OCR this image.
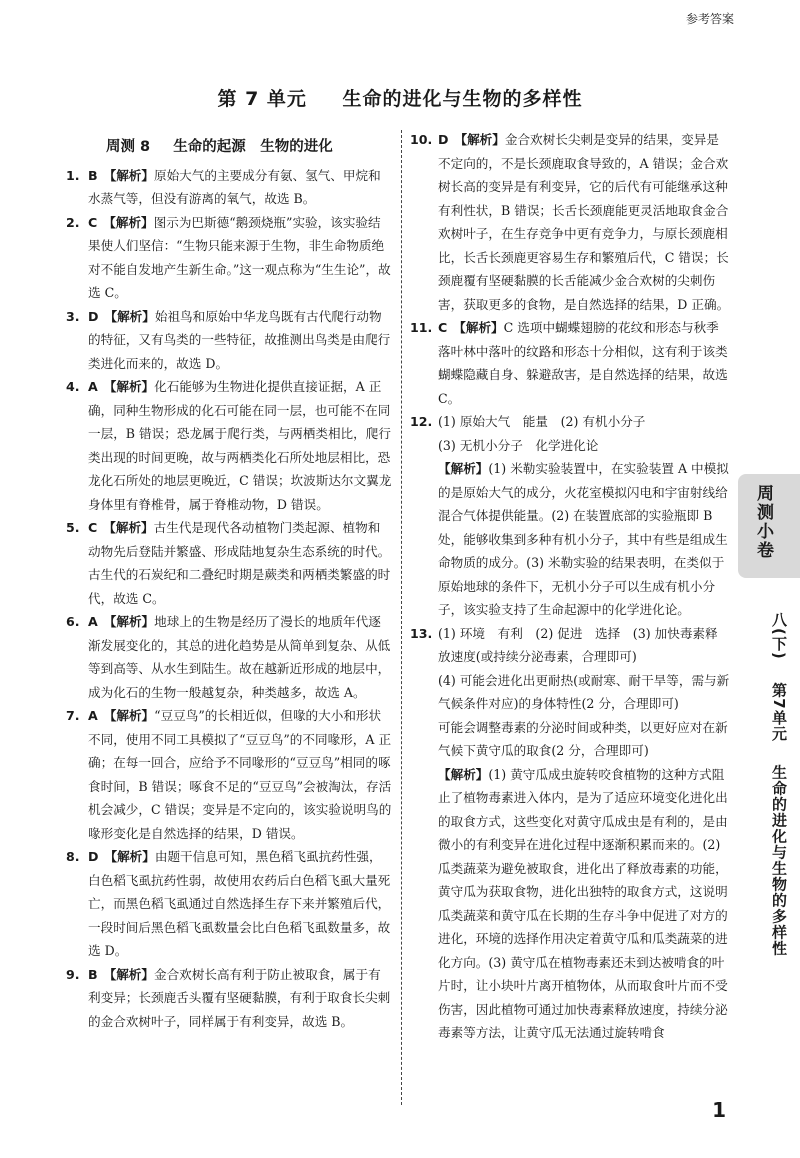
参考答案
第 7 单元 生命的进化与生物的多样性
周测 8 生命的起源　生物的进化
1. B 【解析】原始大气的主要成分有氨、氢气、甲烷和水蒸气等，但没有游离的氧气，故选 B。
2. C 【解析】图示为巴斯德“鹅颈烧瓶”实验，该实验结果使人们坚信：“生物只能来源于生物，非生命物质绝对不能自发地产生新生命。”这一观点称为“生生论”，故选 C。
3. D 【解析】始祖鸟和原始中华龙鸟既有古代爬行动物的特征，又有鸟类的一些特征，故推测出鸟类是由爬行类进化而来的，故选 D。
4. A 【解析】化石能够为生物进化提供直接证据，A 正确，同种生物形成的化石可能在同一层，也可能不在同一层，B 错误；恐龙属于爬行类，与两栖类相比，爬行类出现的时间更晚，故与两栖类化石所处地层相比，恐龙化石所处的地层更晚近，C 错误；坎波斯达尔文翼龙身体里有脊椎骨，属于脊椎动物，D 错误。
5. C 【解析】古生代是现代各动植物门类起源、植物和动物先后登陆并繁盛、形成陆地复杂生态系统的时代。古生代的石炭纪和二叠纪时期是蕨类和两栖类繁盛的时代，故选 C。
6. A 【解析】地球上的生物是经历了漫长的地质年代逐渐发展变化的，其总的进化趋势是从简单到复杂、从低等到高等、从水生到陆生。故在越新近形成的地层中，成为化石的生物一般越复杂，种类越多，故选 A。
7. A 【解析】“豆豆鸟”的长相近似，但喙的大小和形状不同，使用不同工具模拟了“豆豆鸟”的不同喙形，A 正确；在每一回合，应给予不同喙形的“豆豆鸟”相同的啄食时间，B 错误；啄食不足的“豆豆鸟”会被淘汰，存活机会减少，C 错误；变异是不定向的，该实验说明鸟的喙形变化是自然选择的结果，D 错误。
8. D 【解析】由题干信息可知，黑色稻飞虱抗药性强，白色稻飞虱抗药性弱，故使用农药后白色稻飞虱大量死亡，而黑色稻飞虱通过自然选择生存下来并繁殖后代，一段时间后黑色稻飞虱数量会比白色稻飞虱数量多，故选 D。
9. B 【解析】金合欢树长高有利于防止被取食，属于有利变异；长颈鹿舌头覆有坚硬黏膜，有利于取食长尖刺的金合欢树叶子，同样属于有利变异，故选 B。
10. D 【解析】金合欢树长尖刺是变异的结果，变异是不定向的，不是长颈鹿取食导致的，A 错误；金合欢树长高的变异是有利变异，它的后代有可能继承这种有利性状，B 错误；长舌长颈鹿能更灵活地取食金合欢树叶子，在生存竞争中更有竞争力，与原长颈鹿相比，长舌长颈鹿更容易生存和繁殖后代，C 错误；长颈鹿覆有坚硬黏膜的长舌能减少金合欢树的尖刺伤害，获取更多的食物，是自然选择的结果，D 正确。
11. C 【解析】C 选项中蝴蝶翅膀的花纹和形态与秋季落叶林中落叶的纹路和形态十分相似，这有利于该类蝴蝶隐藏自身、躲避敌害，是自然选择的结果，故选 C。
12. (1) 原始大气　能量　(2) 有机小分子
(3) 无机小分子　化学进化论
【解析】(1) 米勒实验装置中，在实验装置 A 中模拟的是原始大气的成分，火花室模拟闪电和宇宙射线给混合气体提供能量。(2) 在装置底部的实验瓶即 B 处，能够收集到多种有机小分子，其中有些是组成生命物质的成分。(3) 米勒实验的结果表明，在类似于原始地球的条件下，无机小分子可以生成有机小分子，该实验支持了生命起源中的化学进化论。
13. (1) 环境　有利　(2) 促进　选择　(3) 加快毒素释放速度(或持续分泌毒素，合理即可)
(4) 可能会进化出更耐热(或耐寒、耐干旱等，需与新气候条件对应)的身体特性(2 分，合理即可)
可能会调整毒素的分泌时间或种类，以更好应对在新气候下黄守瓜的取食(2 分，合理即可)
【解析】(1) 黄守瓜成虫旋转咬食植物的这种方式阻止了植物毒素进入体内，是为了适应环境变化进化出的取食方式，这些变化对黄守瓜成虫是有利的，是由微小的有利变异在进化过程中逐渐积累而来的。(2) 瓜类蔬菜为避免被取食，进化出了释放毒素的功能，黄守瓜为获取食物，进化出独特的取食方式，这说明瓜类蔬菜和黄守瓜在长期的生存斗争中促进了对方的进化，环境的选择作用决定着黄守瓜和瓜类蔬菜的进化方向。(3) 黄守瓜在植物毒素还未到达被啃食的叶片时，让小块叶片离开植物体，从而取食叶片而不受伤害，因此植物可通过加快毒素释放速度，持续分泌毒素等方法，让黄守瓜无法通过旋转啃食
周测小卷
八(下)  第7单元  生命的进化与生物的多样性
1
